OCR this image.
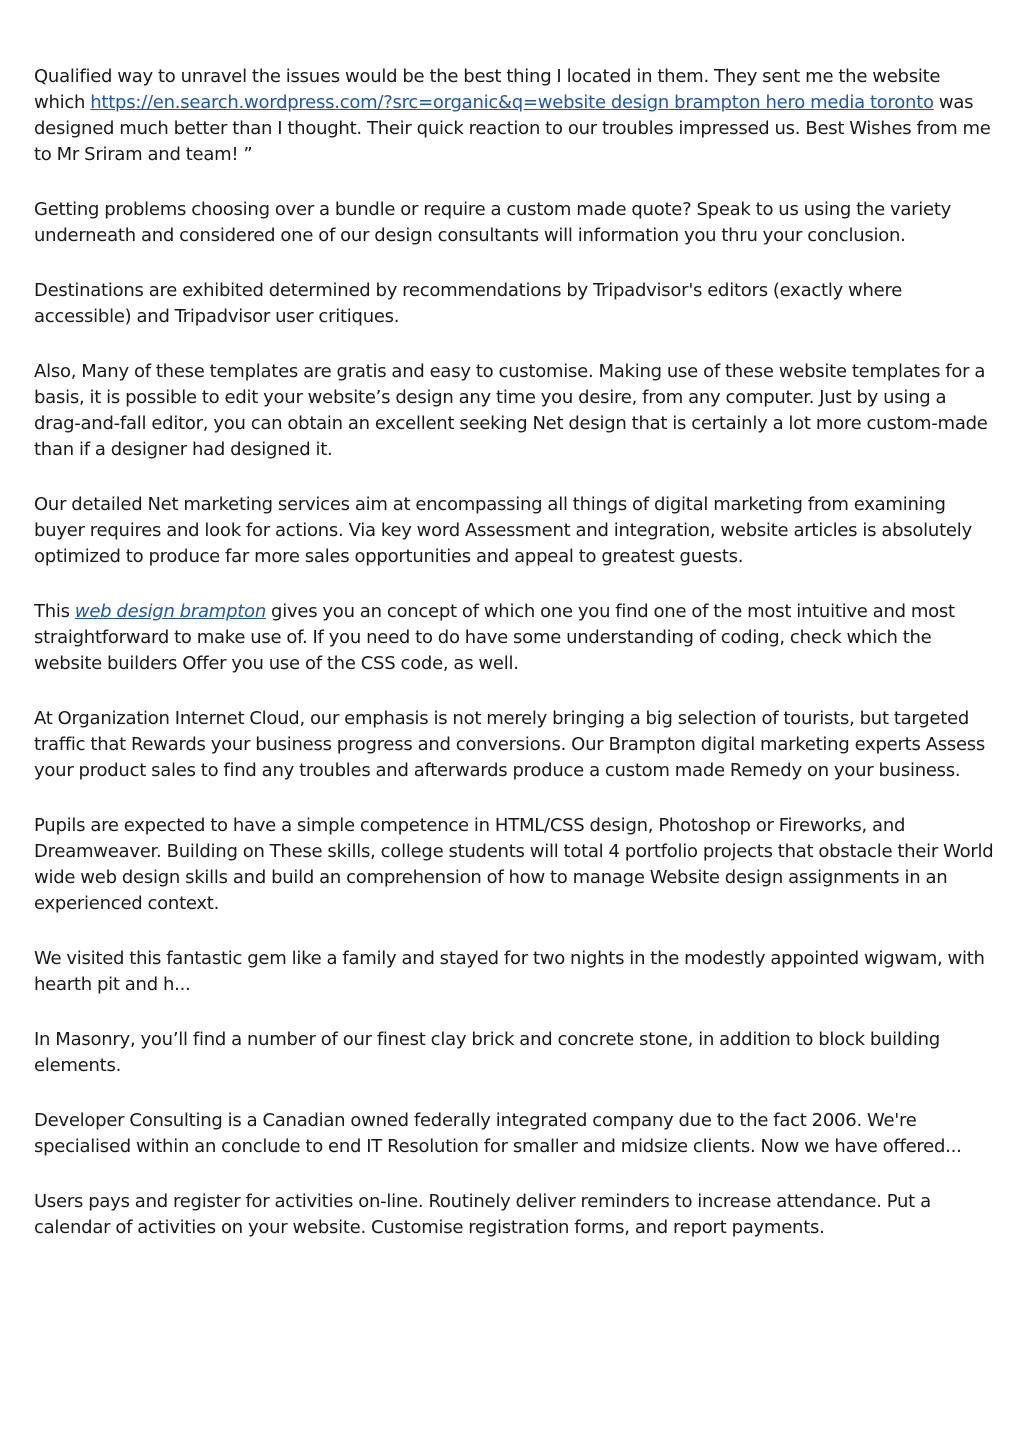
Qualified way to unravel the issues would be the best thing I located in them. They sent me the website which https://en.search.wordpress.com/?src=organic&q=website design brampton hero media toronto was designed much better than I thought. Their quick reaction to our troubles impressed us. Best Wishes from me to Mr Sriram and team! ”

Getting problems choosing over a bundle or require a custom made quote? Speak to us using the variety underneath and considered one of our design consultants will information you thru your conclusion.

Destinations are exhibited determined by recommendations by Tripadvisor's editors (exactly where accessible) and Tripadvisor user critiques.

Also, Many of these templates are gratis and easy to customise. Making use of these website templates for a basis, it is possible to edit your website’s design any time you desire, from any computer. Just by using a drag-and-fall editor, you can obtain an excellent seeking Net design that is certainly a lot more custom-made than if a designer had designed it.

Our detailed Net marketing services aim at encompassing all things of digital marketing from examining buyer requires and look for actions. Via key word Assessment and integration, website articles is absolutely optimized to produce far more sales opportunities and appeal to greatest guests.

This web design brampton gives you an concept of which one you find one of the most intuitive and most straightforward to make use of. If you need to do have some understanding of coding, check which the website builders Offer you use of the CSS code, as well.

At Organization Internet Cloud, our emphasis is not merely bringing a big selection of tourists, but targeted traffic that Rewards your business progress and conversions. Our Brampton digital marketing experts Assess your product sales to find any troubles and afterwards produce a custom made Remedy on your business.

Pupils are expected to have a simple competence in HTML/CSS design, Photoshop or Fireworks, and Dreamweaver. Building on These skills, college students will total 4 portfolio projects that obstacle their World wide web design skills and build an comprehension of how to manage Website design assignments in an experienced context.

We visited this fantastic gem like a family and stayed for two nights in the modestly appointed wigwam, with hearth pit and h...

In Masonry, you’ll find a number of our finest clay brick and concrete stone, in addition to block building elements.

Developer Consulting is a Canadian owned federally integrated company due to the fact 2006. We're specialised within an conclude to end IT Resolution for smaller and midsize clients. Now we have offered...

Users pays and register for activities on-line. Routinely deliver reminders to increase attendance. Put a calendar of activities on your website. Customise registration forms, and report payments.
